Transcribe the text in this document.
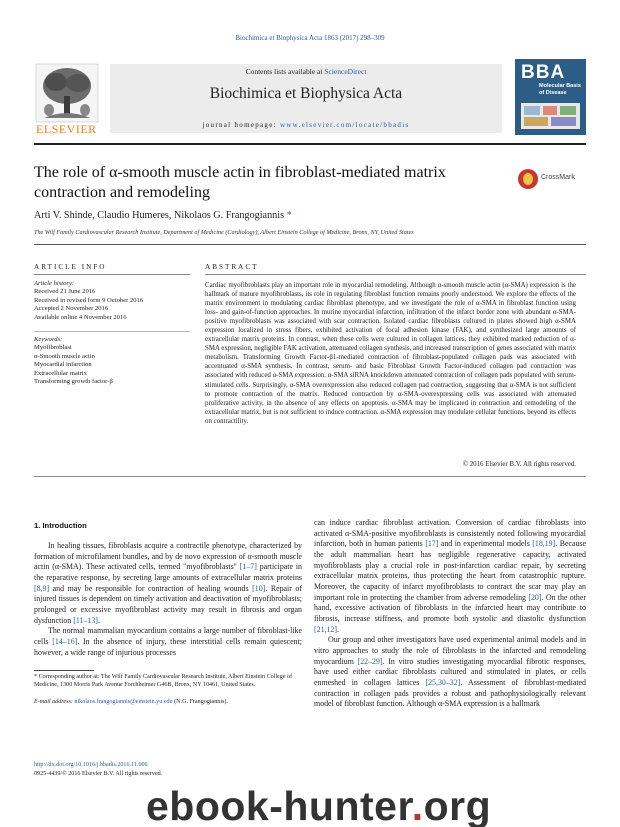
Biochimica et Biophysica Acta 1863 (2017) 298–309
ELSEVIER
Contents lists available at ScienceDirect
Biochimica et Biophysica Acta
journal homepage: www.elsevier.com/locate/bbadis
BBA
Molecular Basis of Disease
The role of α-smooth muscle actin in fibroblast-mediated matrix contraction and remodeling
CrossMark
Arti V. Shinde, Claudio Humeres, Nikolaos G. Frangogiannis *
The Wilf Family Cardiovascular Research Institute, Department of Medicine (Cardiology), Albert Einstein College of Medicine, Bronx, NY, United States
ARTICLE INFO	ABSTRACT
Article history:
Received 21 June 2016
Received in revised form 9 October 2016
Accepted 2 November 2016
Available online 4 November 2016
Keywords:
Myofibroblast
α-Smooth muscle actin
Myocardial infarction
Extracellular matrix
Transforming growth factor-β
Cardiac myofibroblasts play an important role in myocardial remodeling. Although α-smooth muscle actin (α-SMA) expression is the hallmark of mature myofibroblasts, its role in regulating fibroblast function remains poorly understood. We explore the effects of the matrix environment in modulating cardiac fibroblast phenotype, and we investigate the role of α-SMA in fibroblast function using loss- and gain-of-function approaches. In murine myocardial infarction, infiltration of the infarct border zone with abundant α-SMA-positive myofibroblasts was associated with scar contraction. Isolated cardiac fibroblasts cultured in plates showed high α-SMA expression localized in stress fibers, exhibited activation of focal adhesion kinase (FAK), and synthesized large amounts of extracellular matrix proteins. In contrast, when these cells were cultured in collagen lattices, they exhibited marked reduction of α-SMA expression, negligible FAK activation, attenuated collagen synthesis, and increased transcription of genes associated with matrix metabolism. Transforming Growth Factor-β1-mediated contraction of fibroblast-populated collagen pads was associated with accentuated α-SMA synthesis. In contrast, serum- and basic Fibroblast Growth Factor-induced collagen pad contraction was associated with reduced α-SMA expression. α-SMA siRNA knockdown attenuated contraction of collagen pads populated with serum-stimulated cells. Surprisingly, α-SMA overexpression also reduced collagen pad contraction, suggesting that α-SMA is not sufficient to promote contraction of the matrix. Reduced contraction by α-SMA-overexpressing cells was associated with attenuated proliferative activity, in the absence of any effects on apoptosis. α-SMA may be implicated in contraction and remodeling of the extracellular matrix, but is not sufficient to induce contraction. α-SMA expression may modulate cellular functions, beyond its effects on contractility.
© 2016 Elsevier B.V. All rights reserved.
1. Introduction

In healing tissues, fibroblasts acquire a contractile phenotype, characterized by formation of microfilament bundles, and by de novo expression of α-smooth muscle actin (α-SMA). These activated cells, termed "myofibroblasts" [1–7] participate in the reparative response, by secreting large amounts of extracellular matrix proteins [8,9] and may be responsible for contraction of healing wounds [10]. Repair of injured tissues is dependent on timely activation and deactivation of myofibroblasts; prolonged or excessive myofibroblast activity may result in fibrosis and organ dysfunction [11–13].

The normal mammalian myocardium contains a large number of fibroblast-like cells [14–16]. In the absence of injury, these interstitial cells remain quiescent; however, a wide range of injurious processes

can induce cardiac fibroblast activation. Conversion of cardiac fibroblasts into activated α-SMA-positive myofibroblasts is consistently noted following myocardial infarction, both in human patients [17] and in experimental models [18,19]. Because the adult mammalian heart has negligible regenerative capacity, activated myofibroblasts play a crucial role in post-infarction cardiac repair, by secreting extracellular matrix proteins, thus protecting the heart from catastrophic rupture. Moreover, the capacity of infarct myofibroblasts to contract the scar may play an important role in protecting the chamber from adverse remodeling [20]. On the other hand, excessive activation of fibroblasts in the infarcted heart may contribute to fibrosis, increase stiffness, and promote both systolic and diastolic dysfunction [21,12].

Our group and other investigators have used experimental animal models and in vitro approaches to study the role of fibroblasts in the infarcted and remodeling myocardium [22–29]. In vitro studies investigating myocardial fibrotic responses, have used either cardiac fibroblasts cultured and stimulated in plates, or cells enmeshed in collagen lattices [25,30–32]. Assessment of fibroblast-mediated contraction in collagen pads provides a robust and pathophysiologically relevant model of fibroblast function. Although α-SMA expression is a hallmark

* Corresponding author at: The Wilf Family Cardiovascular Research Institute, Albert Einstein College of Medicine, 1300 Morris Park Avenue Forchheimer G46B, Bronx, NY 10461, United States.
E-mail address: nikolaos.frangogiannis@einstein.yu.edu (N.G. Frangogiannis).
http://dx.doi.org/10.1016/j.bbadis.2016.11.006
0925-4439/© 2016 Elsevier B.V. All rights reserved.
ebook-hunter.org
